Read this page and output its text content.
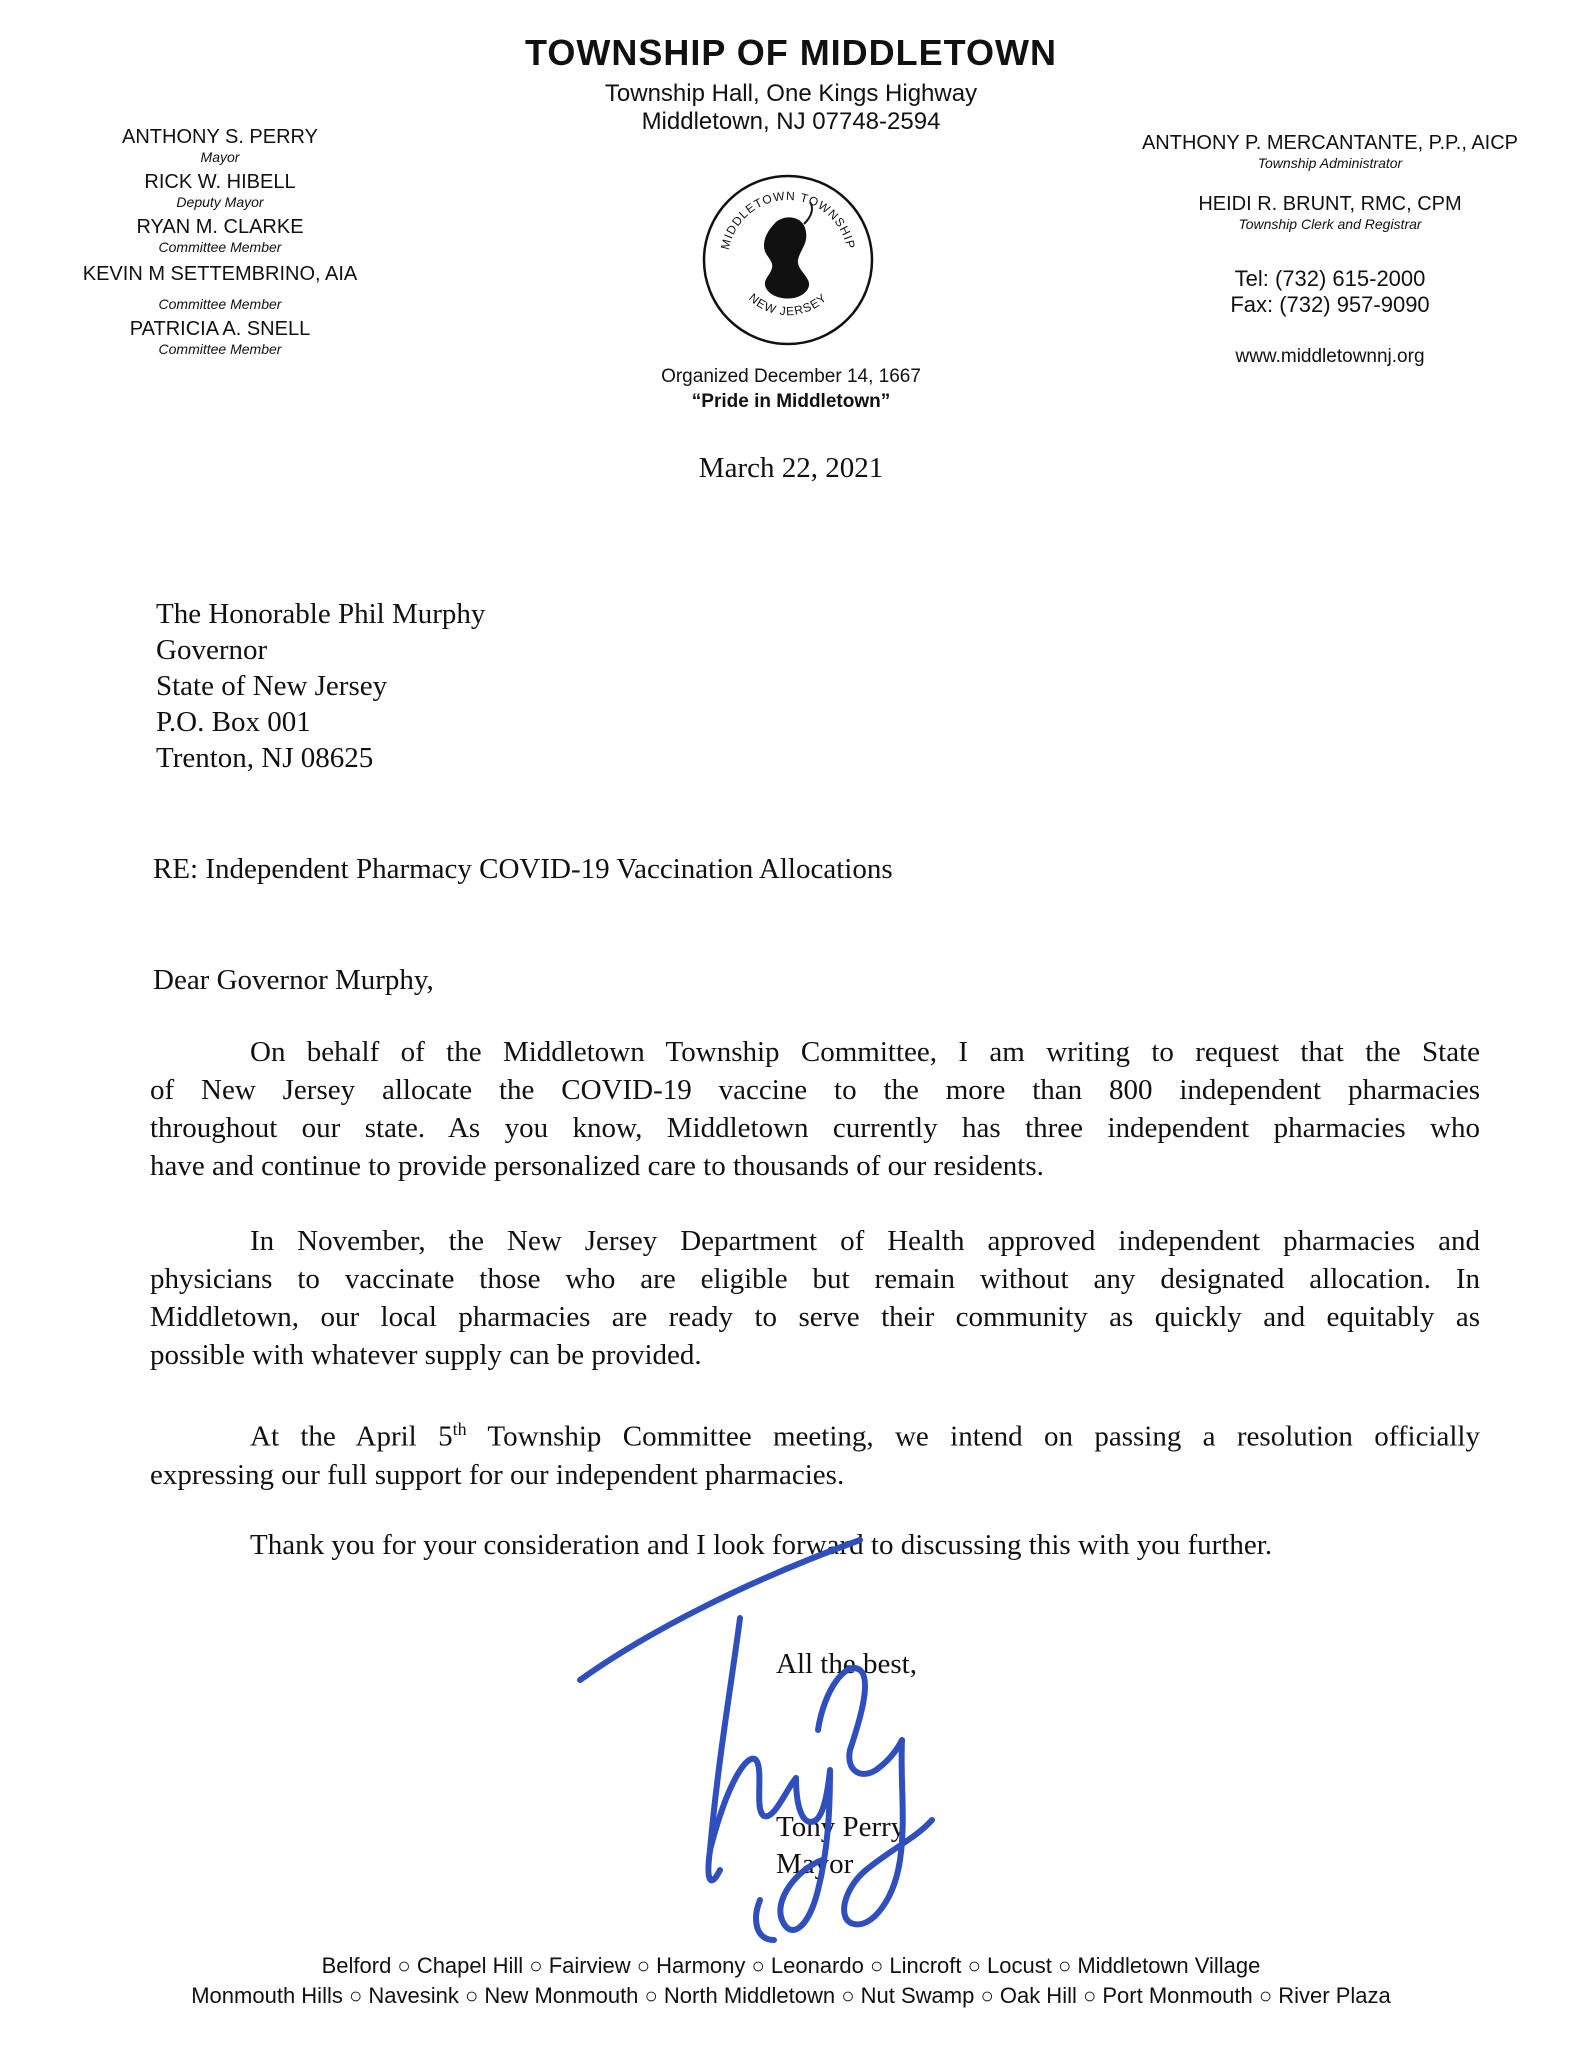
TOWNSHIP OF MIDDLETOWN
Township Hall, One Kings Highway
Middletown, NJ 07748-2594
ANTHONY S. PERRY
Mayor
RICK W. HIBELL
Deputy Mayor
RYAN M. CLARKE
Committee Member
KEVIN M SETTEMBRINO, AIA
Committee Member
PATRICIA A. SNELL
Committee Member
ANTHONY P. MERCANTANTE, P.P., AICP
Township Administrator
HEIDI R. BRUNT, RMC, CPM
Township Clerk and Registrar
Tel: (732) 615-2000
Fax: (732) 957-9090
www.middletownnj.org
MIDDLETOWN TOWNSHIP
NEW JERSEY
Organized December 14, 1667
“Pride in Middletown”
March 22, 2021
The Honorable Phil Murphy
Governor
State of New Jersey
P.O. Box 001
Trenton, NJ 08625
RE: Independent Pharmacy COVID-19 Vaccination Allocations
Dear Governor Murphy,
On behalf of the Middletown Township Committee, I am writing to request that the State
of New Jersey allocate the COVID-19 vaccine to the more than 800 independent pharmacies
throughout our state. As you know, Middletown currently has three independent pharmacies who
have and continue to provide personalized care to thousands of our residents.
In November, the New Jersey Department of Health approved independent pharmacies and
physicians to vaccinate those who are eligible but remain without any designated allocation. In
Middletown, our local pharmacies are ready to serve their community as quickly and equitably as
possible with whatever supply can be provided.
At the April 5th Township Committee meeting, we intend on passing a resolution officially
expressing our full support for our independent pharmacies.
Thank you for your consideration and I look forward to discussing this with you further.
All the best,
Tony Perry
Mayor
Belford ○ Chapel Hill ○ Fairview ○ Harmony ○ Leonardo ○ Lincroft ○ Locust ○ Middletown Village
Monmouth Hills ○ Navesink ○ New Monmouth ○ North Middletown ○ Nut Swamp ○ Oak Hill ○ Port Monmouth ○ River Plaza
